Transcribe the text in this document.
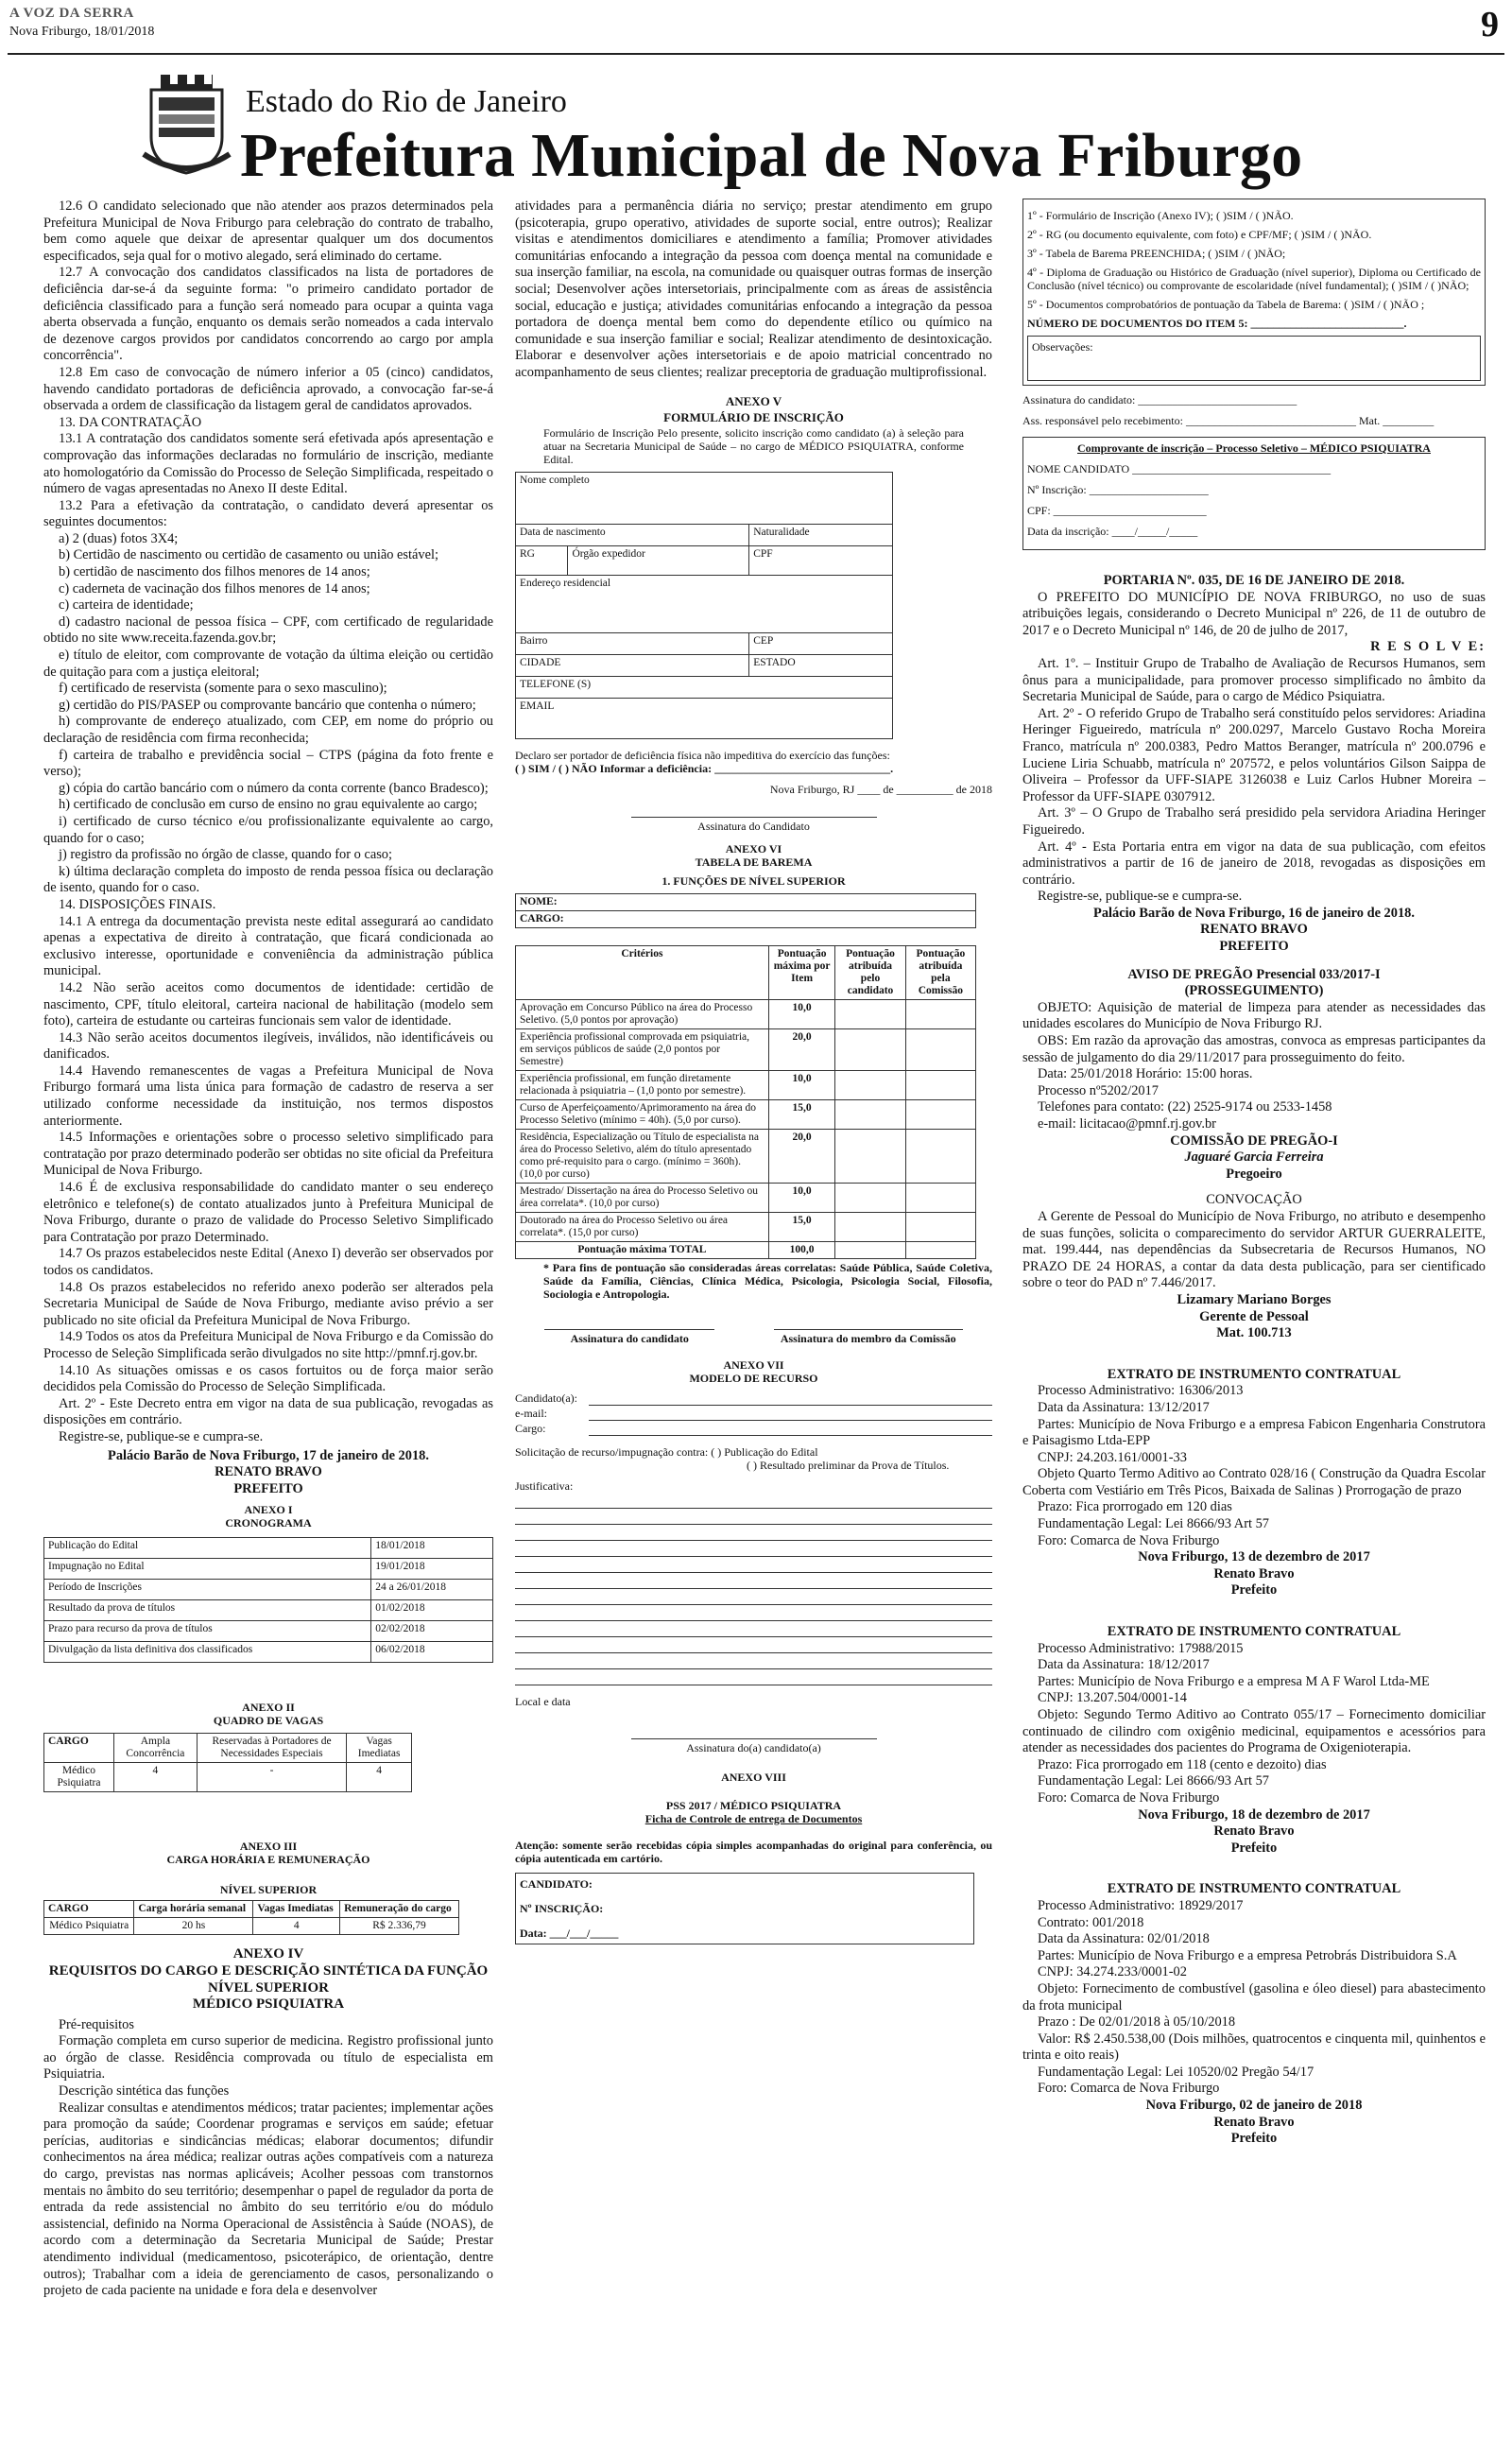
A VOZ DA SERRA
Nova Friburgo, 18/01/2018	9
Estado do Rio de Janeiro
Prefeitura Municipal de Nova Friburgo

12.6 O candidato selecionado que não atender aos prazos determinados pela Prefeitura Municipal de Nova Friburgo para celebração do contrato de trabalho, bem como aquele que deixar de apresentar qualquer um dos documentos especificados, seja qual for o motivo alegado, será eliminado do certame.

12.7 A convocação dos candidatos classificados na lista de portadores de deficiência dar-se-á da seguinte forma: "o primeiro candidato portador de deficiência classificado para a função será nomeado para ocupar a quinta vaga aberta observada a função, enquanto os demais serão nomeados a cada intervalo de dezenove cargos providos por candidatos concorrendo ao cargo por ampla concorrência".

12.8 Em caso de convocação de número inferior a 05 (cinco) candidatos, havendo candidato portadoras de deficiência aprovado, a convocação far-se-á observada a ordem de classificação da listagem geral de candidatos aprovados.

13. DA CONTRATAÇÃO

13.1 A contratação dos candidatos somente será efetivada após apresentação e comprovação das informações declaradas no formulário de inscrição, mediante ato homologatório da Comissão do Processo de Seleção Simplificada, respeitado o número de vagas apresentadas no Anexo II deste Edital.

13.2 Para a efetivação da contratação, o candidato deverá apresentar os seguintes documentos:

a) 2 (duas) fotos 3X4;

b) Certidão de nascimento ou certidão de casamento ou união estável;

b) certidão de nascimento dos filhos menores de 14 anos;

c) caderneta de vacinação dos filhos menores de 14 anos;

c) carteira de identidade;

d) cadastro nacional de pessoa física – CPF, com certificado de regularidade obtido no site www.receita.fazenda.gov.br;

e) título de eleitor, com comprovante de votação da última eleição ou certidão de quitação para com a justiça eleitoral;

f) certificado de reservista (somente para o sexo masculino);

g) certidão do PIS/PASEP ou comprovante bancário que contenha o número;

h) comprovante de endereço atualizado, com CEP, em nome do próprio ou declaração de residência com firma reconhecida;

f) carteira de trabalho e previdência social – CTPS (página da foto frente e verso);

g) cópia do cartão bancário com o número da conta corrente (banco Bradesco);

h) certificado de conclusão em curso de ensino no grau equivalente ao cargo;

i) certificado de curso técnico e/ou profissionalizante equivalente ao cargo, quando for o caso;

j) registro da profissão no órgão de classe, quando for o caso;

k) última declaração completa do imposto de renda pessoa física ou declaração de isento, quando for o caso.

14. DISPOSIÇÕES FINAIS.

14.1 A entrega da documentação prevista neste edital assegurará ao candidato apenas a expectativa de direito à contratação, que ficará condicionada ao exclusivo interesse, oportunidade e conveniência da administração pública municipal.

14.2 Não serão aceitos como documentos de identidade: certidão de nascimento, CPF, título eleitoral, carteira nacional de habilitação (modelo sem foto), carteira de estudante ou carteiras funcionais sem valor de identidade.

14.3 Não serão aceitos documentos ilegíveis, inválidos, não identificáveis ou danificados.

14.4 Havendo remanescentes de vagas a Prefeitura Municipal de Nova Friburgo formará uma lista única para formação de cadastro de reserva a ser utilizado conforme necessidade da instituição, nos termos dispostos anteriormente.

14.5 Informações e orientações sobre o processo seletivo simplificado para contratação por prazo determinado poderão ser obtidas no site oficial da Prefeitura Municipal de Nova Friburgo.

14.6 É de exclusiva responsabilidade do candidato manter o seu endereço eletrônico e telefone(s) de contato atualizados junto à Prefeitura Municipal de Nova Friburgo, durante o prazo de validade do Processo Seletivo Simplificado para Contratação por prazo Determinado.

14.7 Os prazos estabelecidos neste Edital (Anexo I) deverão ser observados por todos os candidatos.

14.8 Os prazos estabelecidos no referido anexo poderão ser alterados pela Secretaria Municipal de Saúde de Nova Friburgo, mediante aviso prévio a ser publicado no site oficial da Prefeitura Municipal de Nova Friburgo.

14.9 Todos os atos da Prefeitura Municipal de Nova Friburgo e da Comissão do Processo de Seleção Simplificada serão divulgados no site http://pmnf.rj.gov.br.

14.10 As situações omissas e os casos fortuitos ou de força maior serão decididos pela Comissão do Processo de Seleção Simplificada.

Art. 2º - Este Decreto entra em vigor na data de sua publicação, revogadas as disposições em contrário.

Registre-se, publique-se e cumpra-se.

Palácio Barão de Nova Friburgo, 17 de janeiro de 2018.

RENATO BRAVO

PREFEITO

ANEXO I

CRONOGRAMA

Publicação do Edital	18/01/2018
Impugnação no Edital	19/01/2018
Período de Inscrições	24 a 26/01/2018
Resultado da prova de títulos	01/02/2018
Prazo para recurso da prova de títulos	02/02/2018
Divulgação da lista definitiva dos classificados	06/02/2018

ANEXO II

QUADRO DE VAGAS

CARGO	Ampla Concorrência	Reservadas à Portadores de Necessidades Especiais	Vagas Imediatas
Médico Psiquiatra	4	-	4

ANEXO III

CARGA HORÁRIA E REMUNERAÇÃO

NÍVEL SUPERIOR

CARGO	Carga horária semanal	Vagas Imediatas	Remuneração do cargo
Médico Psiquiatra	20 hs	4	R$ 2.336,79

ANEXO IV

REQUISITOS DO CARGO E DESCRIÇÃO SINTÉTICA DA FUNÇÃO

NÍVEL SUPERIOR

MÉDICO PSIQUIATRA

Pré-requisitos

Formação completa em curso superior de medicina. Registro profissional junto ao órgão de classe. Residência comprovada ou título de especialista em Psiquiatria.

Descrição sintética das funções

Realizar consultas e atendimentos médicos; tratar pacientes; implementar ações para promoção da saúde; Coordenar programas e serviços em saúde; efetuar perícias, auditorias e sindicâncias médicas; elaborar documentos; difundir conhecimentos na área médica; realizar outras ações compatíveis com a natureza do cargo, previstas nas normas aplicáveis; Acolher pessoas com transtornos mentais no âmbito do seu território; desempenhar o papel de regulador da porta de entrada da rede assistencial no âmbito do seu território e/ou do módulo assistencial, definido na Norma Operacional de Assistência à Saúde (NOAS), de acordo com a determinação da Secretaria Municipal de Saúde; Prestar atendimento individual (medicamentoso, psicoterápico, de orientação, dentre outros); Trabalhar com a ideia de gerenciamento de casos, personalizando o projeto de cada paciente na unidade e fora dela e desenvolver

atividades para a permanência diária no serviço; prestar atendimento em grupo (psicoterapia, grupo operativo, atividades de suporte social, entre outros); Realizar visitas e atendimentos domiciliares e atendimento a família; Promover atividades comunitárias enfocando a integração da pessoa com doença mental na comunidade e sua inserção familiar, na escola, na comunidade ou quaisquer outras formas de inserção social; Desenvolver ações intersetoriais, principalmente com as áreas de assistência social, educação e justiça; atividades comunitárias enfocando a integração da pessoa portadora de doença mental bem como do dependente etílico ou químico na comunidade e sua inserção familiar e social; Realizar atendimento de desintoxicação. Elaborar e desenvolver ações intersetoriais e de apoio matricial concentrado no acompanhamento de seus clientes; realizar preceptoria de graduação multiprofissional.

ANEXO V

FORMULÁRIO DE INSCRIÇÃO

Formulário de Inscrição Pelo presente, solicito inscrição como candidato (a) à seleção para atuar na Secretaria Municipal de Saúde – no cargo de MÉDICO PSIQUIATRA, conforme Edital.

Nome completo		
Data de nascimento		Naturalidade
RG	Órgão expedidor	CPF
Endereço residencial		
Bairro		CEP
CIDADE		ESTADO
TELEFONE (S)		
EMAIL		

Declaro ser portador de deficiência física não impeditiva do exercício das funções:

( ) SIM / ( ) NÃO Informar a deficiência: _______________________________.

Nova Friburgo, RJ ____ de __________ de 2018

Assinatura do Candidato

ANEXO VI

TABELA DE BAREMA

1. FUNÇÕES DE NÍVEL SUPERIOR

NOME:
CARGO:
Critérios	Pontuação máxima por Item	Pontuação atribuída pelo candidato	Pontuação atribuída pela Comissão
Aprovação em Concurso Público na área do Processo Seletivo. (5,0 pontos por aprovação)	10,0		
Experiência profissional comprovada em psiquiatria, em serviços públicos de saúde (2,0 pontos por Semestre)	20,0		
Experiência profissional, em função diretamente relacionada à psiquiatria – (1,0 ponto por semestre).	10,0		
Curso de Aperfeiçoamento/Aprimoramento na área do Processo Seletivo (mínimo = 40h). (5,0 por curso).	15,0		
Residência, Especialização ou Título de especialista na área do Processo Seletivo, além do título apresentado como pré-requisito para o cargo. (mínimo = 360h). (10,0 por curso)	20,0		
Mestrado/ Dissertação na área do Processo Seletivo ou área correlata*. (10,0 por curso)	10,0		
Doutorado na área do Processo Seletivo ou área correlata*. (15,0 por curso)	15,0		
Pontuação máxima TOTAL	100,0		

* Para fins de pontuação são consideradas áreas correlatas: Saúde Pública, Saúde Coletiva, Saúde da Família, Ciências, Clínica Médica, Psicologia, Psicologia Social, Filosofia, Sociologia e Antropologia.

Assinatura do candidato	Assinatura do membro da Comissão

ANEXO VII

MODELO DE RECURSO

Candidato(a):
e-mail:
Cargo:

Solicitação de recurso/impugnação contra: ( ) Publicação do Edital

( ) Resultado preliminar da Prova de Títulos.

Justificativa:

Local e data

Assinatura do(a) candidato(a)

ANEXO VIII

PSS 2017 / MÉDICO PSIQUIATRA

Ficha de Controle de entrega de Documentos

Atenção: somente serão recebidas cópia simples acompanhadas do original para conferência, ou cópia autenticada em cartório.

CANDIDATO:

Nº INSCRIÇÃO:

Data: ___/___/_____

1º - Formulário de Inscrição (Anexo IV); ( )SIM / ( )NÃO.

2º - RG (ou documento equivalente, com foto) e CPF/MF; ( )SIM / ( )NÃO.

3º - Tabela de Barema PREENCHIDA; ( )SIM / ( )NÃO;

4º - Diploma de Graduação ou Histórico de Graduação (nível superior), Diploma ou Certificado de Conclusão (nível técnico) ou comprovante de escolaridade (nível fundamental); ( )SIM / ( )NÃO;

5º - Documentos comprobatórios de pontuação da Tabela de Barema: ( )SIM / ( )NÃO ;

NÚMERO DE DOCUMENTOS DO ITEM 5: ___________________________.

Observações:

Assinatura do candidato: ____________________________

Ass. responsável pelo recebimento: ______________________________ Mat. _________

Comprovante de inscrição – Processo Seletivo – MÉDICO PSIQUIATRA

NOME CANDIDATO ___________________________________

Nº Inscrição: _____________________

CPF: ___________________________

Data da inscrição: ____/_____/_____

PORTARIA Nº. 035, DE 16 DE JANEIRO DE 2018.

O PREFEITO DO MUNICÍPIO DE NOVA FRIBURGO, no uso de suas atribuições legais, considerando o Decreto Municipal nº 226, de 11 de outubro de 2017 e o Decreto Municipal nº 146, de 20 de julho de 2017,

R E S O L V E:

Art. 1º. – Instituir Grupo de Trabalho de Avaliação de Recursos Humanos, sem ônus para a municipalidade, para promover processo simplificado no âmbito da Secretaria Municipal de Saúde, para o cargo de Médico Psiquiatra.

Art. 2º - O referido Grupo de Trabalho será constituído pelos servidores: Ariadina Heringer Figueiredo, matrícula nº 200.0297, Marcelo Gustavo Rocha Moreira Franco, matrícula nº 200.0383, Pedro Mattos Beranger, matrícula nº 200.0796 e Luciene Liria Schuabb, matrícula nº 207572, e pelos voluntários Gilson Saippa de Oliveira – Professor da UFF-SIAPE 3126038 e Luiz Carlos Hubner Moreira – Professor da UFF-SIAPE 0307912.

Art. 3º – O Grupo de Trabalho será presidido pela servidora Ariadina Heringer Figueiredo.

Art. 4º - Esta Portaria entra em vigor na data de sua publicação, com efeitos administrativos a partir de 16 de janeiro de 2018, revogadas as disposições em contrário.

Registre-se, publique-se e cumpra-se.

Palácio Barão de Nova Friburgo, 16 de janeiro de 2018.

RENATO BRAVO

PREFEITO

AVISO DE PREGÃO Presencial 033/2017-I

(PROSSEGUIMENTO)

OBJETO: Aquisição de material de limpeza para atender as necessidades das unidades escolares do Município de Nova Friburgo RJ.

OBS: Em razão da aprovação das amostras, convoca as empresas participantes da sessão de julgamento do dia 29/11/2017 para prosseguimento do feito.

Data: 25/01/2018 Horário: 15:00 horas.

Processo nº5202/2017

Telefones para contato: (22) 2525-9174 ou 2533-1458

e-mail: licitacao@pmnf.rj.gov.br

COMISSÃO DE PREGÃO-I

Jaguaré Garcia Ferreira

Pregoeiro

CONVOCAÇÃO

A Gerente de Pessoal do Município de Nova Friburgo, no atributo e desempenho de suas funções, solicita o comparecimento do servidor ARTUR GUERRALEITE, mat. 199.444, nas dependências da Subsecretaria de Recursos Humanos, NO PRAZO DE 24 HORAS, a contar da data desta publicação, para ser cientificado sobre o teor do PAD nº 7.446/2017.

Lizamary Mariano Borges

Gerente de Pessoal

Mat. 100.713

EXTRATO DE INSTRUMENTO CONTRATUAL

Processo Administrativo: 16306/2013

Data da Assinatura: 13/12/2017

Partes: Município de Nova Friburgo e a empresa Fabicon Engenharia Construtora e Paisagismo Ltda-EPP

CNPJ: 24.203.161/0001-33

Objeto Quarto Termo Aditivo ao Contrato 028/16 ( Construção da Quadra Escolar Coberta com Vestiário em Três Picos, Baixada de Salinas ) Prorrogação de prazo

Prazo: Fica prorrogado em 120 dias

Fundamentação Legal: Lei 8666/93 Art 57

Foro: Comarca de Nova Friburgo

Nova Friburgo, 13 de dezembro de 2017

Renato Bravo

Prefeito

EXTRATO DE INSTRUMENTO CONTRATUAL

Processo Administrativo: 17988/2015

Data da Assinatura: 18/12/2017

Partes: Município de Nova Friburgo e a empresa M A F Warol Ltda-ME

CNPJ: 13.207.504/0001-14

Objeto: Segundo Termo Aditivo ao Contrato 055/17 – Fornecimento domiciliar continuado de cilindro com oxigênio medicinal, equipamentos e acessórios para atender as necessidades dos pacientes do Programa de Oxigenioterapia.

Prazo: Fica prorrogado em 118 (cento e dezoito) dias

Fundamentação Legal: Lei 8666/93 Art 57

Foro: Comarca de Nova Friburgo

Nova Friburgo, 18 de dezembro de 2017

Renato Bravo

Prefeito

EXTRATO DE INSTRUMENTO CONTRATUAL

Processo Administrativo: 18929/2017

Contrato: 001/2018

Data da Assinatura: 02/01/2018

Partes: Município de Nova Friburgo e a empresa Petrobrás Distribuidora S.A

CNPJ: 34.274.233/0001-02

Objeto: Fornecimento de combustível (gasolina e óleo diesel) para abastecimento da frota municipal

Prazo : De 02/01/2018 à 05/10/2018

Valor: R$ 2.450.538,00 (Dois milhões, quatrocentos e cinquenta mil, quinhentos e trinta e oito reais)

Fundamentação Legal: Lei 10520/02 Pregão 54/17

Foro: Comarca de Nova Friburgo

Nova Friburgo, 02 de janeiro de 2018

Renato Bravo

Prefeito
